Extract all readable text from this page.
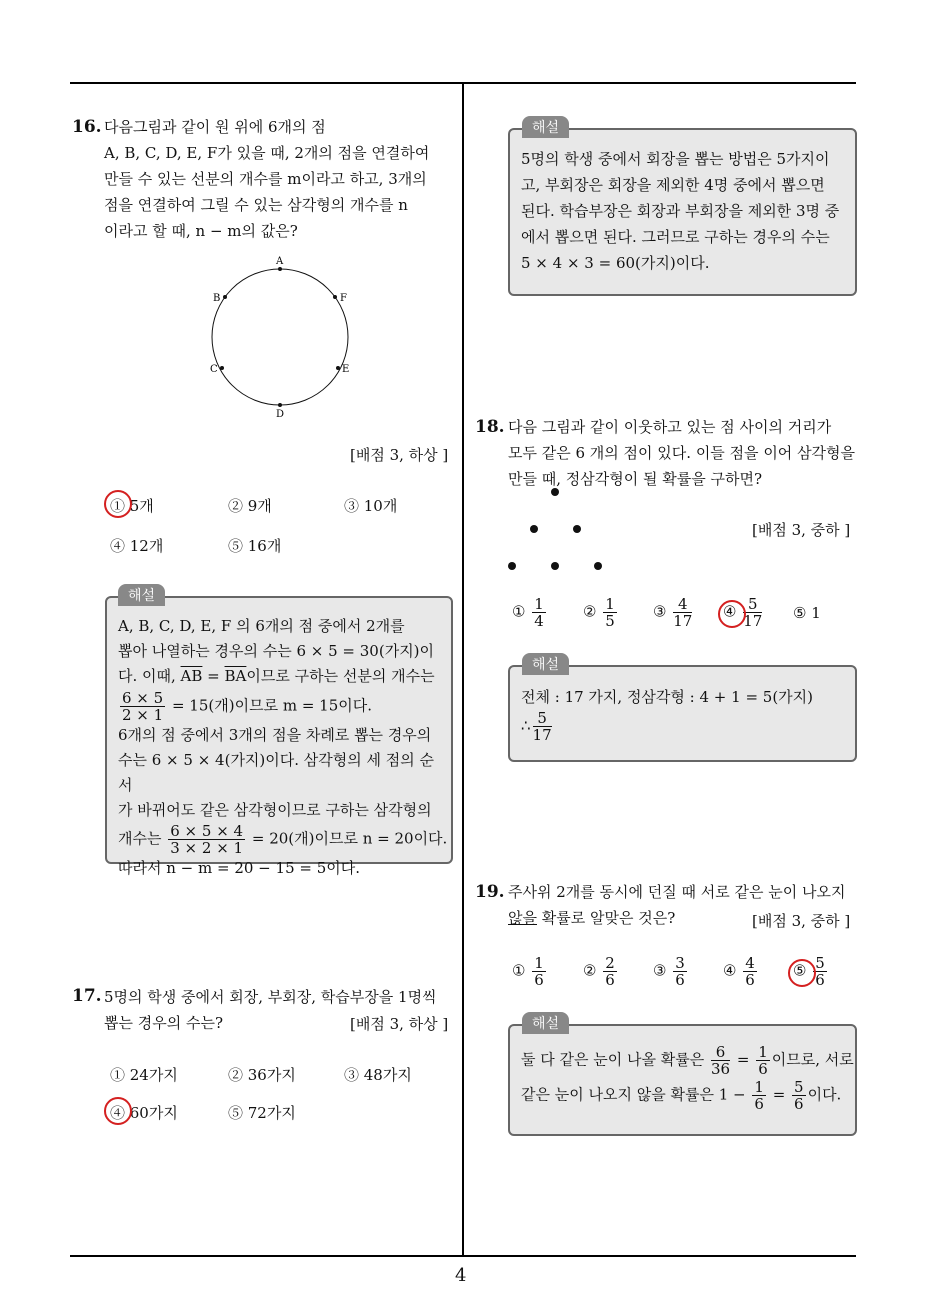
4
16. 다음그림과 같이 원 위에 6개의 점
A, B, C, D, E, F가 있을 때, 2개의 점을 연결하여
만들 수 있는 선분의 개수를 m이라고 하고, 3개의
점을 연결하여 그릴 수 있는 삼각형의 개수를 n
이라고 할 때, n − m의 값은?
A
B	F
C	E
D
[배점 3, 하상 ]
① 5개	② 9개	③ 10개
④ 12개	⑤ 16개
해설
A, B, C, D, E, F 의 6개의 점 중에서 2개를
뽑아 나열하는 경우의 수는 6 × 5 = 30(가지)이
다. 이때, $\overline{AB} = \overline{BA}$이므로 구하는 선분의 개수는
$\frac{6 \times 5}{2 \times 1} = 15$(개)이므로 m = 15이다.
6개의 점 중에서 3개의 점을 차례로 뽑는 경우의
수는 6 × 5 × 4(가지)이다. 삼각형의 세 점의 순서
가 바뀌어도 같은 삼각형이므로 구하는 삼각형의
개수는 $\frac{6 \times 5 \times 4}{3 \times 2 \times 1} = 20$(개)이므로 n = 20이다.
따라서 n − m = 20 − 15 = 5이다.
17. 5명의 학생 중에서 회장, 부회장, 학습부장을 1명씩
뽑는 경우의 수는?	[배점 3, 하상 ]
① 24가지	② 36가지	③ 48가지
④ 60가지	⑤ 72가지
해설
5명의 학생 중에서 회장을 뽑는 방법은 5가지이
고, 부회장은 회장을 제외한 4명 중에서 뽑으면
된다. 학습부장은 회장과 부회장을 제외한 3명 중
에서 뽑으면 된다. 그러므로 구하는 경우의 수는
5 × 4 × 3 = 60(가지)이다.
18. 다음 그림과 같이 이웃하고 있는 점 사이의 거리가
모두 같은 6 개의 점이 있다. 이들 점을 이어 삼각형을
만들 때, 정삼각형이 될 확률을 구하면?
[배점 3, 중하 ]
① $\frac{1}{4}$ ② $\frac{1}{5}$ ③ $\frac{4}{17}$ ④ $\frac{5}{17}$ ⑤ 1
해설
전체 : 17 가지, 정삼각형 : 4 + 1 = 5(가지)
∴ $\frac{5}{17}$
19. 주사위 2개를 동시에 던질 때 서로 같은 눈이 나오지
않을 확률로 알맞은 것은?	[배점 3, 중하 ]
① $\frac{1}{6}$ ② $\frac{2}{6}$ ③ $\frac{3}{6}$ ④ $\frac{4}{6}$ ⑤ $\frac{5}{6}$
해설
둘 다 같은 눈이 나올 확률은 $\frac{6}{36} = \frac{1}{6}$ 이므로, 서로
같은 눈이 나오지 않을 확률은 $1 - \frac{1}{6} = \frac{5}{6}$ 이다.
